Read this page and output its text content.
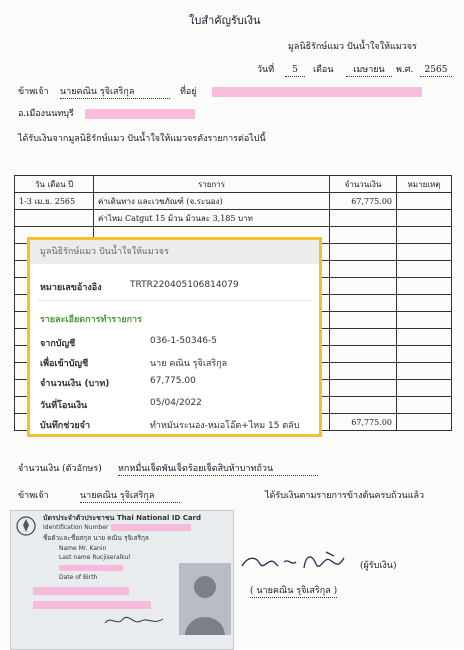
ใบสำคัญรับเงิน
มูลนิธิรักษ์แมว ปันน้ำใจให้แมวจร
วันที่	5	เดือน	เมษายน	พ.ศ.	2565
ข้าพเจ้า นายคณิน รุจิเสริกุล	ที่อยู่
อ.เมืองนนทบุรี
ได้รับเงินจากมูลนิธิรักษ์แมว ปันน้ำใจให้แมวจรดังรายการต่อไปนี้
วัน เดือน ปี	รายการ	จำนวนเงิน	หมายเหตุ
1-3 เม.ย. 2565	ค่าเดินทาง และเวชภัณฑ์ (จ.ระนอง)	67,775.00	
	ค่าไหม Catgut 15 ม้วน ม้วนละ 3,185 บาท		

		67,775.00	
มูลนิธิรักษ์แมว ปันน้ำใจให้แมวจร
หมายเลขอ้างอิง	TRTR220405106814079
รายละเอียดการทำรายการ
จากบัญชี	036-1-50346-5
เพื่อเข้าบัญชี	นาย คณิน รุจิเสริกุล
จำนวนเงิน (บาท)	67,775.00
วันที่โอนเงิน	05/04/2022
บันทึกช่วยจำ	ทำหมันระนอง-หมอโอ๊ต+ไหม 15 ตลับ
จำนวนเงิน (ตัวอักษร) หกหมื่นเจ็ดพันเจ็ดร้อยเจ็ดสิบห้าบาทถ้วน
ข้าพเจ้า	นายคณิน รุจิเสริกุล	ได้รับเงินตามรายการข้างต้นครบถ้วนแล้ว
(ผู้รับเงิน)
( นายคณิน รุจิเสริกุล )
บัตรประจำตัวประชาชน Thai National ID Card
Identification Number
ชื่อตัวและชื่อสกุล นาย คณิน รุจิเสริกุล
Name Mr. Kanin
Last name Rucjiseralkul
Date of Birth
